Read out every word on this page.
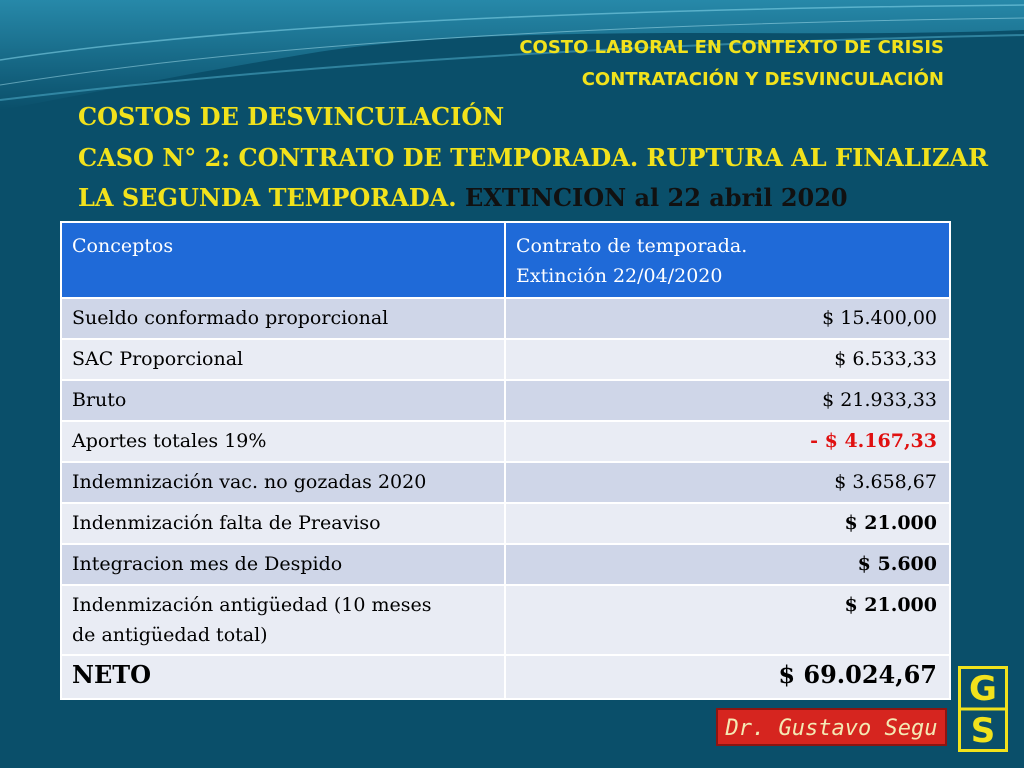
COSTO LABORAL EN CONTEXTO DE CRISIS
CONTRATACIÓN Y DESVINCULACIÓN
COSTOS DE DESVINCULACIÓN
CASO N° 2: CONTRATO DE TEMPORADA. RUPTURA AL FINALIZAR
LA SEGUNDA TEMPORADA. EXTINCION al 22 abril 2020
Conceptos	Contrato de temporada.
Extinción 22/04/2020

Sueldo conformado proporcional	$ 15.400,00
SAC Proporcional	$ 6.533,33
Bruto	$ 21.933,33
Aportes totales 19%	- $ 4.167,33
Indemnización vac. no gozadas 2020	$ 3.658,67
Indenmización falta de Preaviso	$ 21.000
Integracion mes de Despido	$ 5.600

Indenmización antigüedad (10 meses
de antigüedad total)	$ 21.000
NETO	$ 69.024,67
Dr. Gustavo Segu
G
S
